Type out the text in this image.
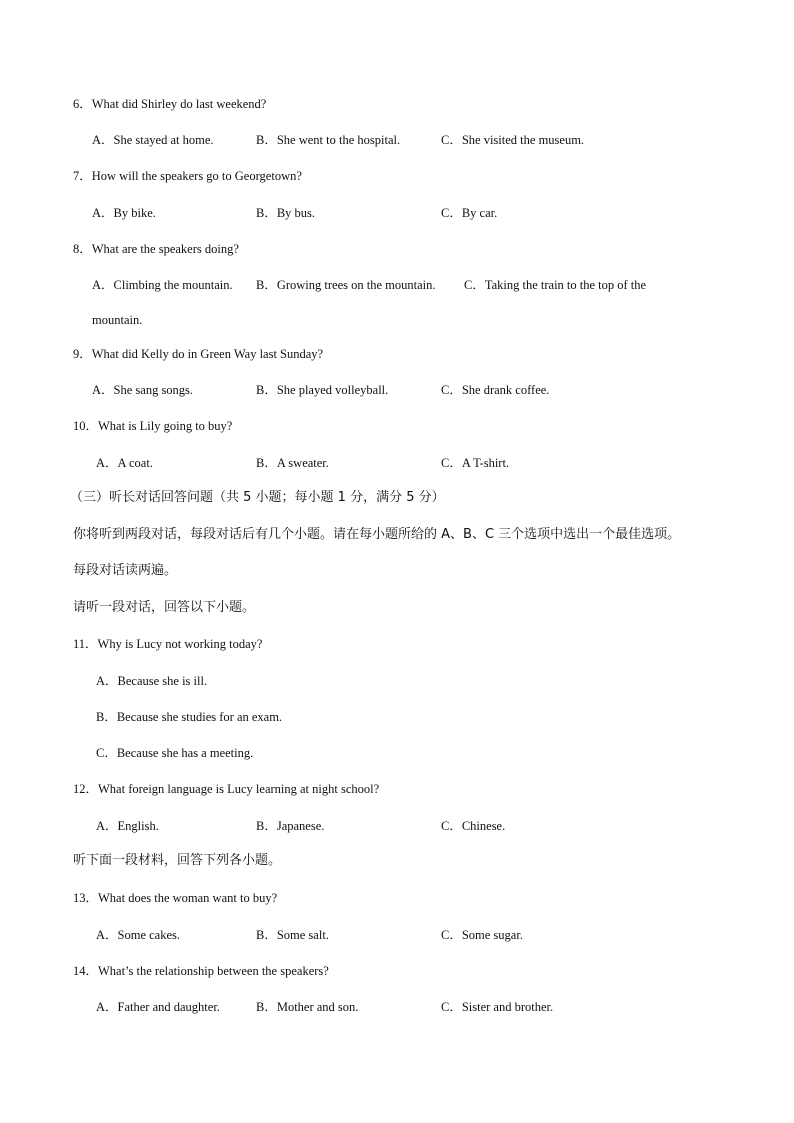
6．What did Shirley do last weekend?
A．She stayed at home.	B．She went to the hospital.	C．She visited the museum.
7．How will the speakers go to Georgetown?
A．By bike.	B．By bus.	C．By car.
8．What are the speakers doing?
A．Climbing the mountain. B．Growing trees on the mountain. C．Taking the train to the top of the
mountain.
9．What did Kelly do in Green Way last Sunday?
A．She sang songs.	B．She played volleyball.	C．She drank coffee.
10．What is Lily going to buy?
A．A coat.	B．A sweater.	C．A T-shirt.
（三）听长对话回答问题（共 5 小题；每小题 1 分，满分 5 分）
你将听到两段对话，每段对话后有几个小题。请在每小题所给的 A、B、C 三个选项中选出一个最佳选项。
每段对话读两遍。
请听一段对话，回答以下小题。
11．Why is Lucy not working today?
A．Because she is ill.
B．Because she studies for an exam.
C．Because she has a meeting.
12．What foreign language is Lucy learning at night school?
A．English.	B．Japanese.	C．Chinese.
听下面一段材料，回答下列各小题。
13．What does the woman want to buy?
A．Some cakes.	B．Some salt.	C．Some sugar.
14．What’s the relationship between the speakers?
A．Father and daughter.	B．Mother and son.	C．Sister and brother.
